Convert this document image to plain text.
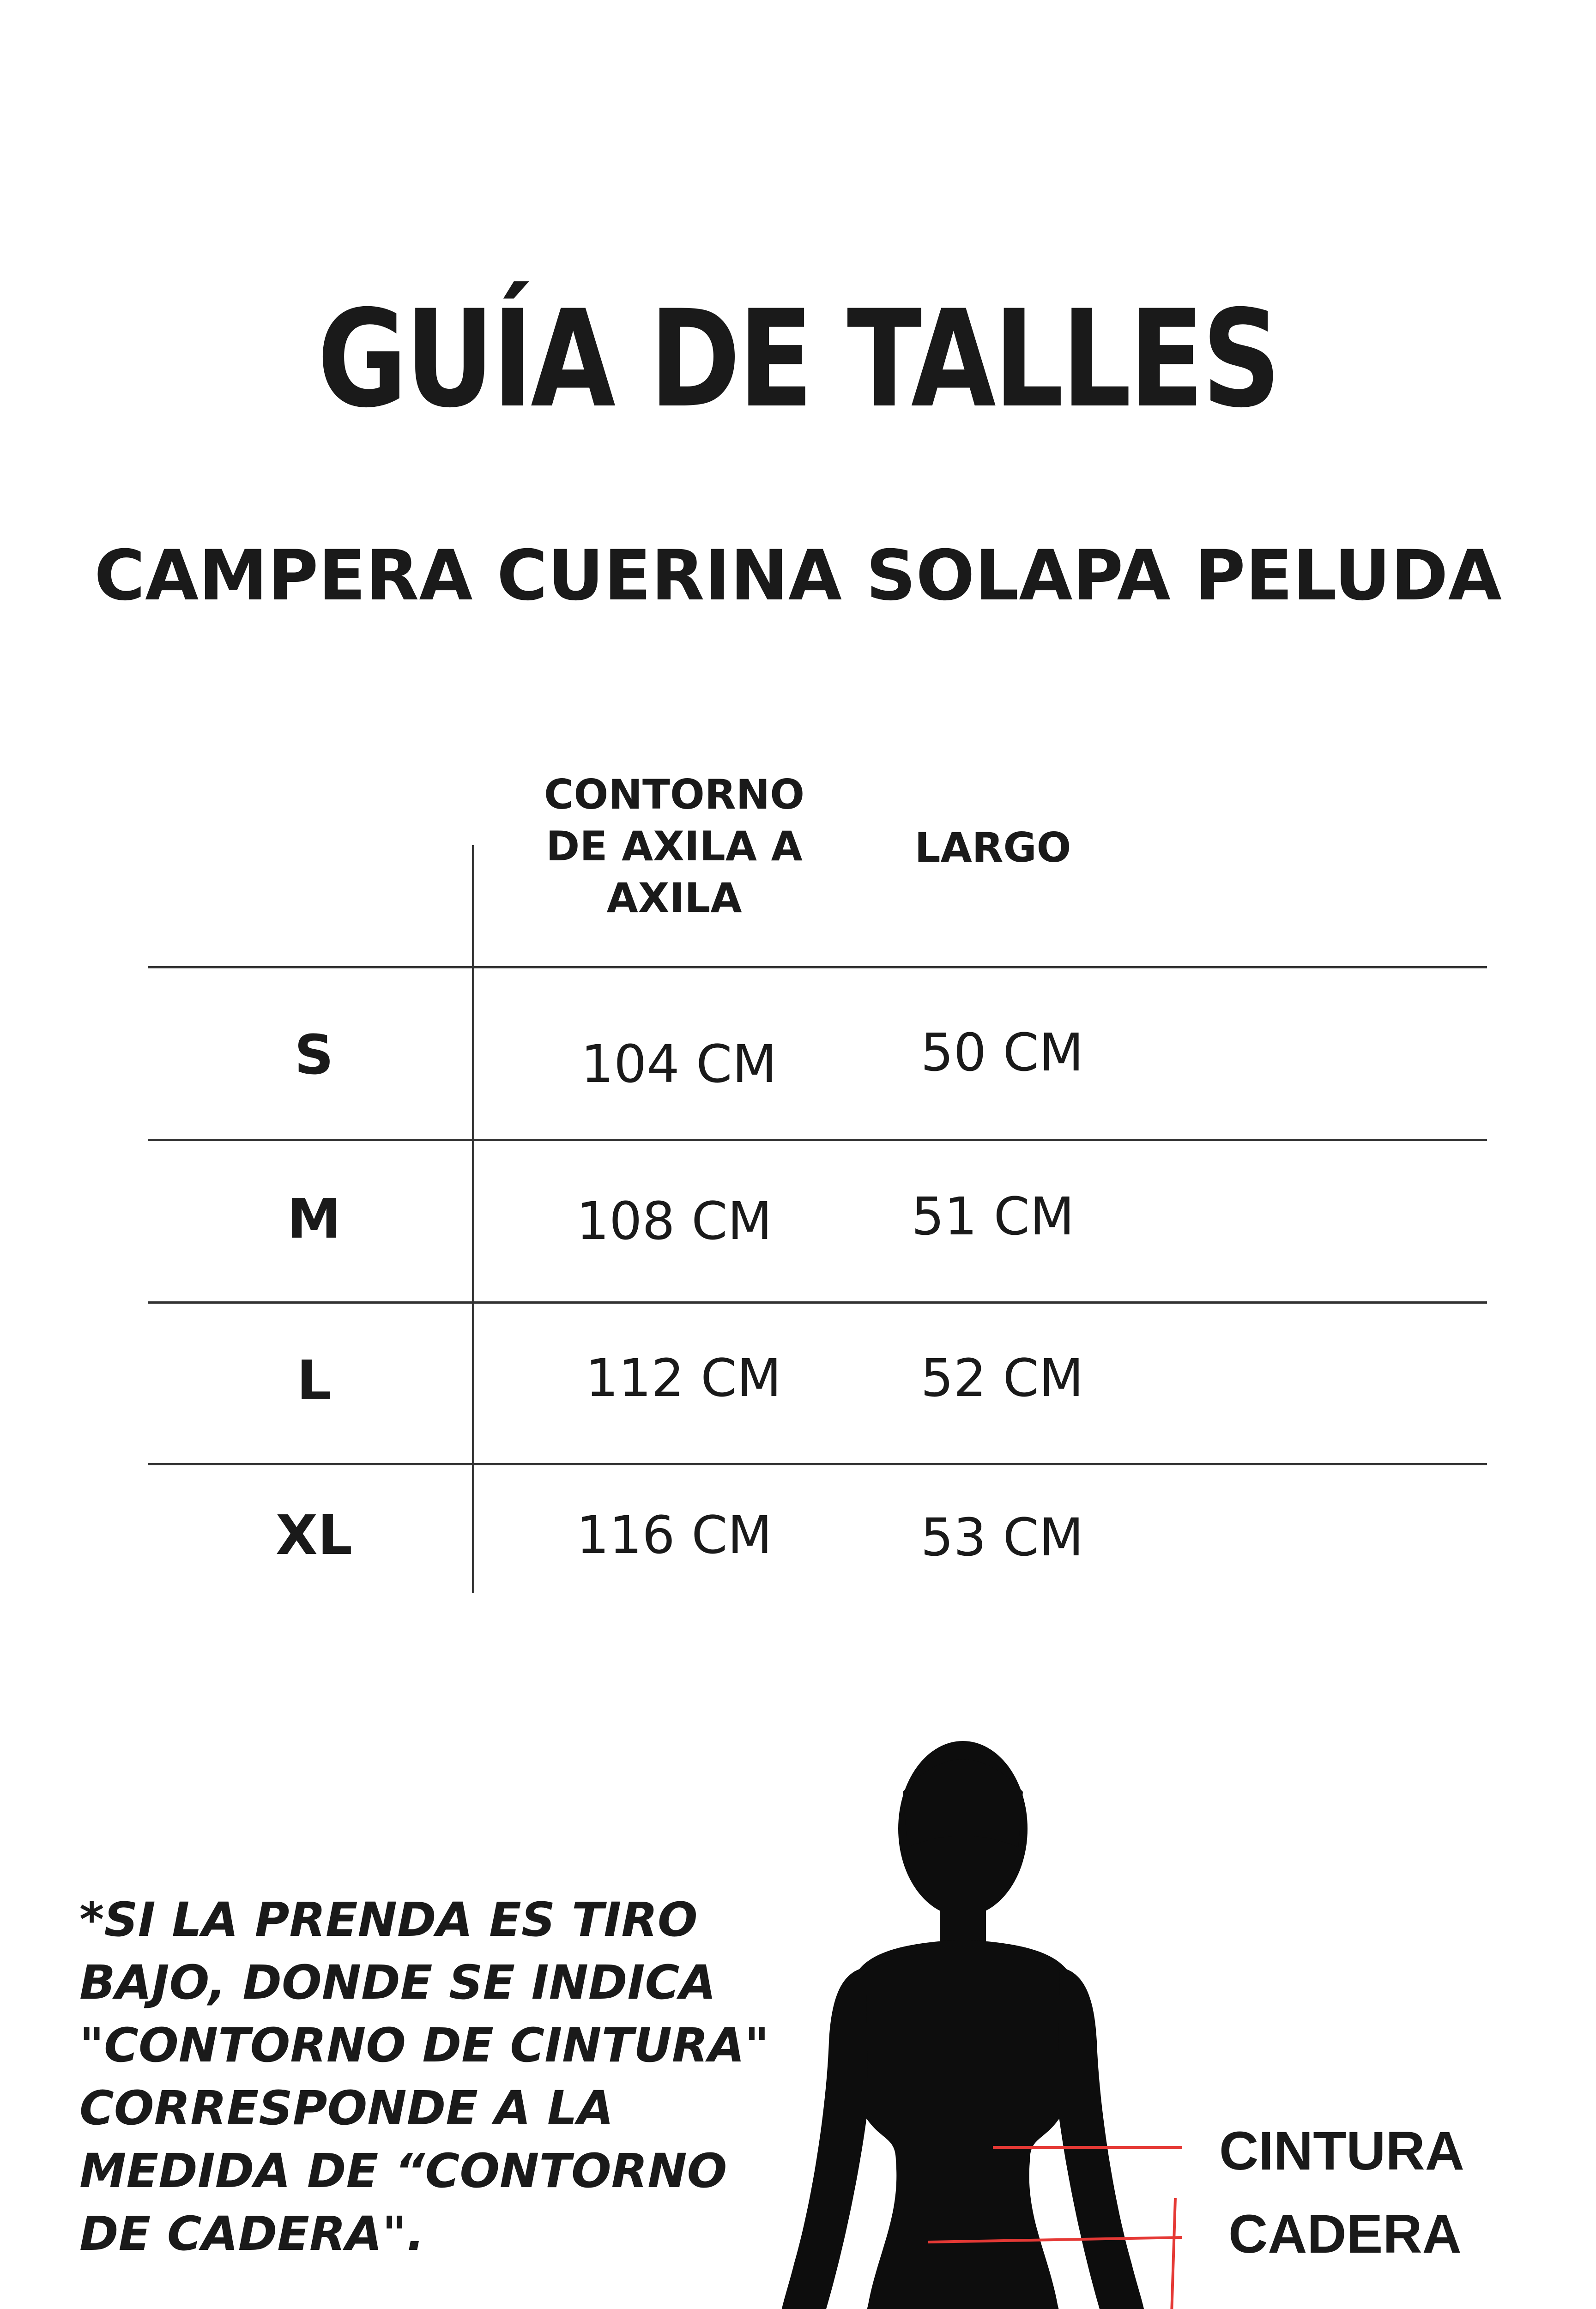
GUÍA DE TALLES
CAMPERA CUERINA SOLAPA PELUDA
CONTORNO
DE AXILA A
AXILA
LARGO
S	104 CM	50 CM
M	108 CM	51 CM
L	112 CM	52 CM
XL	116 CM	53 CM
*SI LA PRENDA ES TIRO
BAJO, DONDE SE INDICA
"CONTORNO DE CINTURA"
CORRESPONDE A LA
MEDIDA DE “CONTORNO
DE CADERA".
CINTURA
CADERA
